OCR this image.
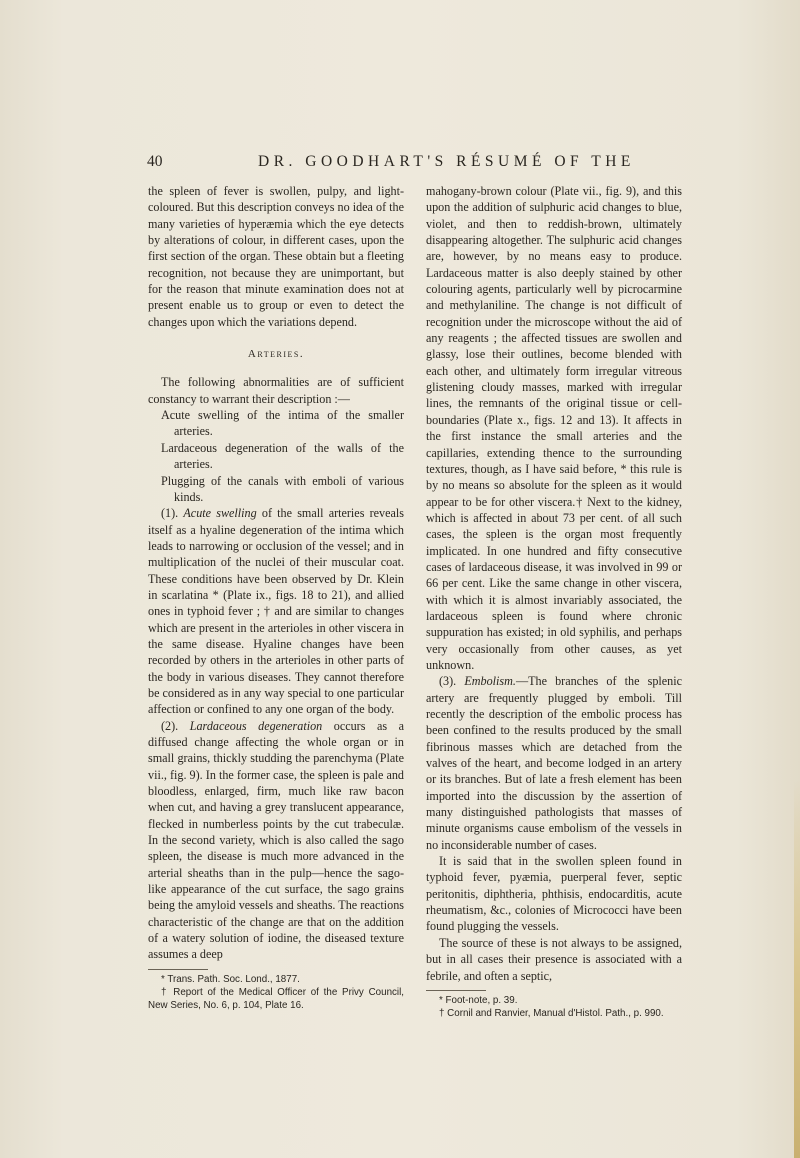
40	DR. GOODHART'S RÉSUMÉ OF THE

the spleen of fever is swollen, pulpy, and light-coloured. But this description conveys no idea of the many varieties of hyperæmia which the eye detects by alterations of colour, in different cases, upon the first section of the organ. These obtain but a fleeting recognition, not because they are unimportant, but for the reason that minute examination does not at present enable us to group or even to detect the changes upon which the variations depend.

Arteries.

The following abnormalities are of sufficient constancy to warrant their description :—

Acute swelling of the intima of the smaller arteries.

Lardaceous degeneration of the walls of the arteries.

Plugging of the canals with emboli of various kinds.

(1). Acute swelling of the small arteries reveals itself as a hyaline degeneration of the intima which leads to narrowing or occlusion of the vessel; and in multiplication of the nuclei of their muscular coat. These conditions have been observed by Dr. Klein in scarlatina * (Plate ix., figs. 18 to 21), and allied ones in typhoid fever ; † and are similar to changes which are present in the arterioles in other viscera in the same disease. Hyaline changes have been recorded by others in the arterioles in other parts of the body in various diseases. They cannot therefore be considered as in any way special to one particular affection or confined to any one organ of the body.

(2). Lardaceous degeneration occurs as a diffused change affecting the whole organ or in small grains, thickly studding the parenchyma (Plate vii., fig. 9). In the former case, the spleen is pale and bloodless, enlarged, firm, much like raw bacon when cut, and having a grey translucent appearance, flecked in numberless points by the cut trabeculæ. In the second variety, which is also called the sago spleen, the disease is much more advanced in the arterial sheaths than in the pulp—hence the sago-like appearance of the cut surface, the sago grains being the amyloid vessels and sheaths. The reactions characteristic of the change are that on the addition of a watery solution of iodine, the diseased texture assumes a deep

* Trans. Path. Soc. Lond., 1877.

† Report of the Medical Officer of the Privy Council, New Series, No. 6, p. 104, Plate 16.

mahogany-brown colour (Plate vii., fig. 9), and this upon the addition of sulphuric acid changes to blue, violet, and then to reddish-brown, ultimately disappearing altogether. The sulphuric acid changes are, however, by no means easy to produce. Lardaceous matter is also deeply stained by other colouring agents, particularly well by picrocarmine and methylaniline. The change is not difficult of recognition under the microscope without the aid of any reagents ; the affected tissues are swollen and glassy, lose their outlines, become blended with each other, and ultimately form irregular vitreous glistening cloudy masses, marked with irregular lines, the remnants of the original tissue or cell-boundaries (Plate x., figs. 12 and 13). It affects in the first instance the small arteries and the capillaries, extending thence to the surrounding textures, though, as I have said before, * this rule is by no means so absolute for the spleen as it would appear to be for other viscera.† Next to the kidney, which is affected in about 73 per cent. of all such cases, the spleen is the organ most frequently implicated. In one hundred and fifty consecutive cases of lardaceous disease, it was involved in 99 or 66 per cent. Like the same change in other viscera, with which it is almost invariably associated, the lardaceous spleen is found where chronic suppuration has existed; in old syphilis, and perhaps very occasionally from other causes, as yet unknown.

(3). Embolism.—The branches of the splenic artery are frequently plugged by emboli. Till recently the description of the embolic process has been confined to the results produced by the small fibrinous masses which are detached from the valves of the heart, and become lodged in an artery or its branches. But of late a fresh element has been imported into the discussion by the assertion of many distinguished pathologists that masses of minute organisms cause embolism of the vessels in no inconsiderable number of cases.

It is said that in the swollen spleen found in typhoid fever, pyæmia, puerperal fever, septic peritonitis, diphtheria, phthisis, endocarditis, acute rheumatism, &c., colonies of Micrococci have been found plugging the vessels.

The source of these is not always to be assigned, but in all cases their presence is associated with a febrile, and often a septic,

* Foot-note, p. 39.

† Cornil and Ranvier, Manual d'Histol. Path., p. 990.
